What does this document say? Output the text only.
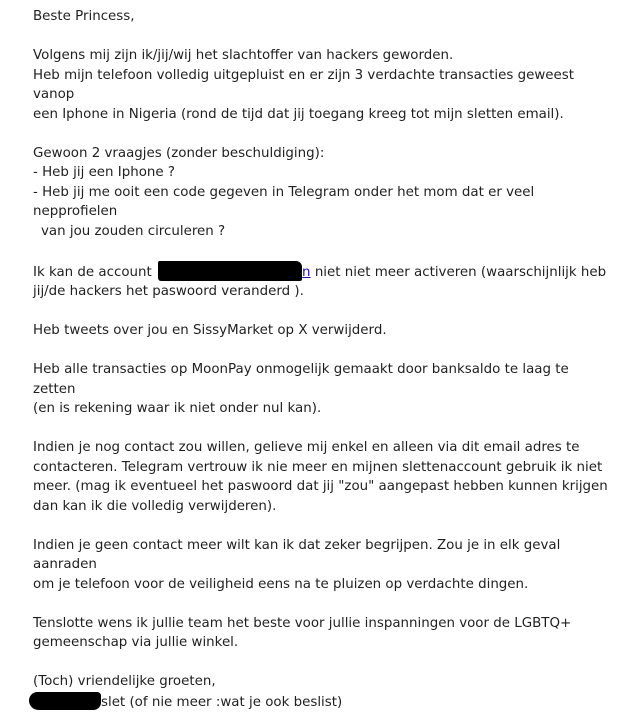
Beste Princess,

Volgens mij zijn ik/jij/wij het slachtoffer van hackers geworden.

Heb mijn telefoon volledig uitgepluist en er zijn 3 verdachte transacties geweest vanop

een Iphone in Nigeria (rond de tijd dat jij toegang kreeg tot mijn sletten email).

Gewoon 2 vraagjes (zonder beschuldiging):

- Heb jij een Iphone ?

- Heb jij me ooit een code gegeven in Telegram onder het mom dat er veel

nepprofielen

van jou zouden circuleren ?

Ik kan de account	n niet niet meer activeren (waarschijnlijk heb

jij/de hackers het paswoord veranderd ).

Heb tweets over jou en SissyMarket op X verwijderd.

Heb alle transacties op MoonPay onmogelijk gemaakt door banksaldo te laag te zetten

(en is rekening waar ik niet onder nul kan).

Indien je nog contact zou willen, gelieve mij enkel en alleen via dit email adres te

contacteren. Telegram vertrouw ik nie meer en mijnen slettenaccount gebruik ik niet

meer. (mag ik eventueel het paswoord dat jij "zou" aangepast hebben kunnen krijgen

dan kan ik die volledig verwijderen).

Indien je geen contact meer wilt kan ik dat zeker begrijpen. Zou je in elk geval aanraden

om je telefoon voor de veiligheid eens na te pluizen op verdachte dingen.

Tenslotte wens ik jullie team het beste voor jullie inspanningen voor de LGBTQ+

gemeenschap via jullie winkel.

(Toch) vriendelijke groeten,

slet (of nie meer :wat je ook beslist)
